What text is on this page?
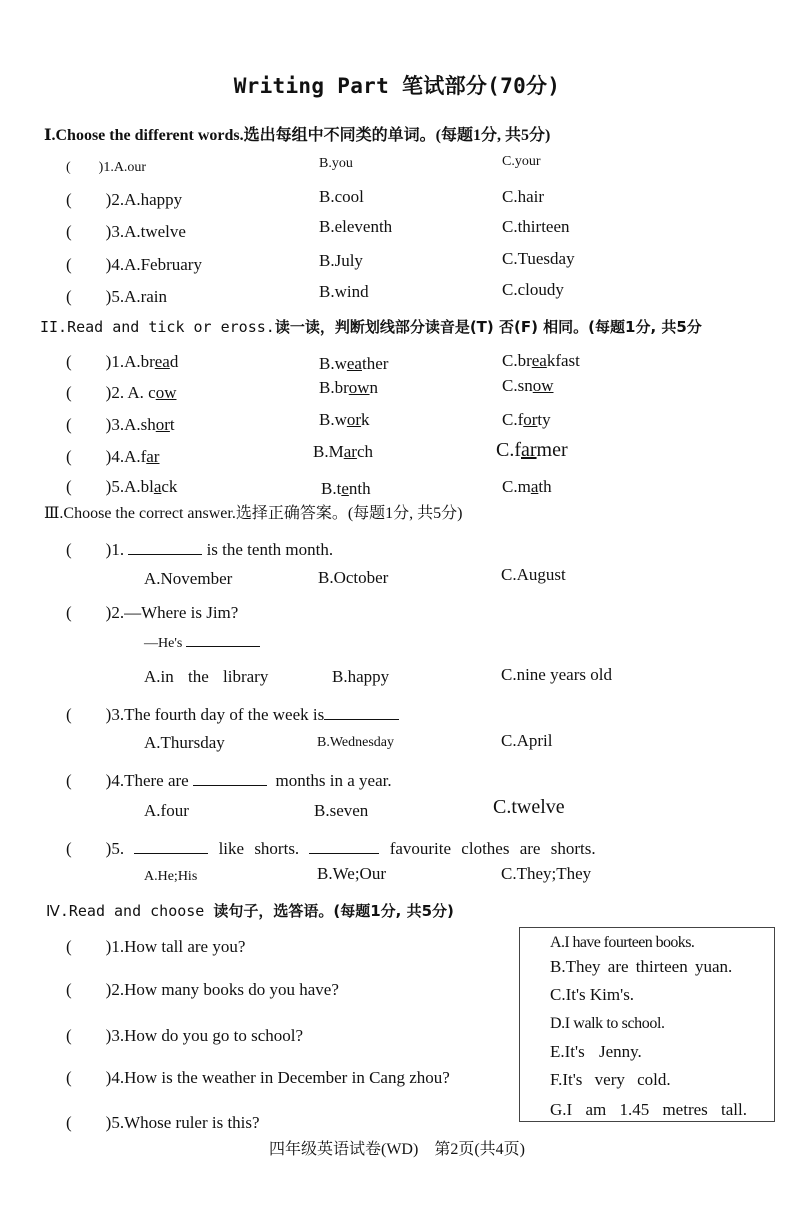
Writing Part 笔试部分(70分)
Ⅰ.Choose the different words.选出每组中不同类的单词。(每题1分, 共5分)
(　　)1.A.our	B.you	C.your
(　　)2.A.happy	B.cool	C.hair
(　　)3.A.twelve	B.eleventh	C.thirteen
(　　)4.A.February	B.July	C.Tuesday
(　　)5.A.rain	B.wind	C.cloudy
II.Read and tick or eross.读一读，判断划线部分读音是(T) 否(F) 相同。(每题1分, 共5分
(　　)1.A.bread	B.weather	C.breakfast
(　　)2. A. cow	B.brown	C.snow
(　　)3.A.short	B.work	C.forty
(　　)4.A.far	B.March	C.farmer
(　　)5.A.black	B.tenth	C.math
Ⅲ.Choose the correct answer.选择正确答案。(每题1分, 共5分)
(　　)1.	is the tenth month.
A.November	B.October	C.August
(　　)2.—Where is Jim?
—He's
A.in the library	B.happy	C.nine years old
(　　)3.The fourth day of the week is
A.Thursday	B.Wednesday	C.April
(　　)4.There are	months in a year.
A.four	B.seven	C.twelve
(　　)5.	like shorts.	favourite clothes are shorts.
A.He;His	B.We;Our	C.They;They
Ⅳ.Read and choose 读句子，选答语。(每题1分, 共5分)
(　　)1.How tall are you?
(　　)2.How many books do you have?
(　　)3.How do you go to school?
(　　)4.How is the weather in December in Cang zhou?
(　　)5.Whose ruler is this?
A.I have fourteen books.
B.They are thirteen yuan.
C.It's Kim's.
D.I walk to school.
E.It's Jenny.
F.It's very cold.
G.I am 1.45 metres tall.
四年级英语试卷(WD)　第2页(共4页)
